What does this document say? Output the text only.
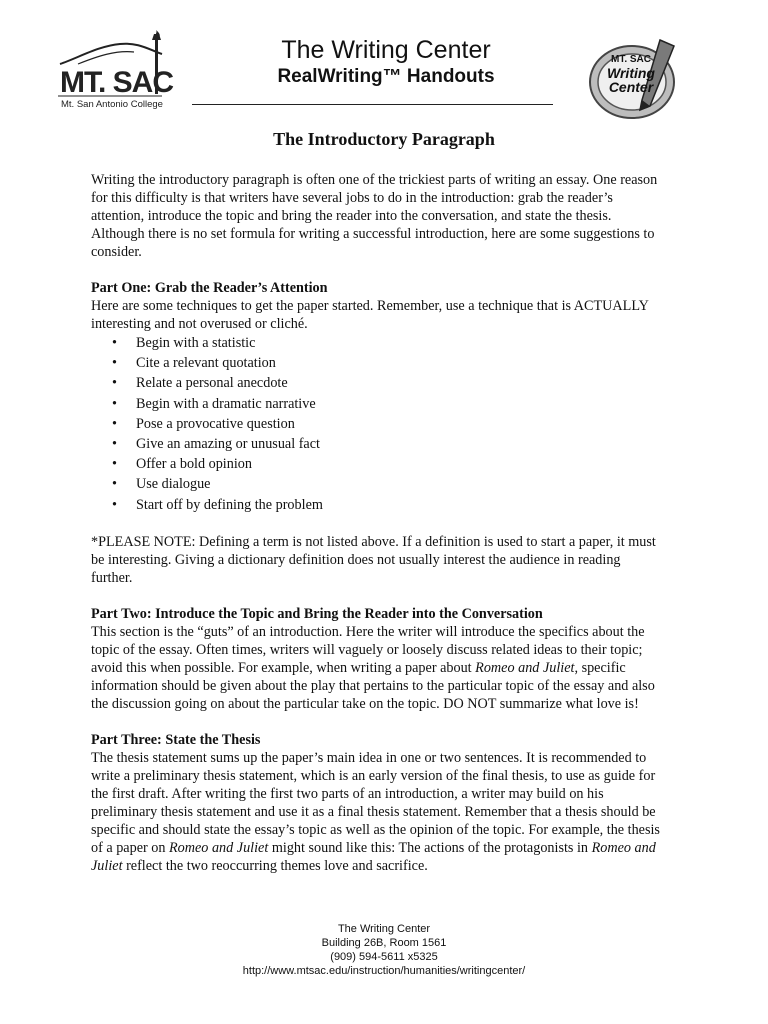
MT. SAC
Mt. San Antonio College
The Writing Center
RealWriting™ Handouts
MT. SAC
Writing
Center
The Introductory Paragraph

Writing the introductory paragraph is often one of the trickiest parts of writing an essay. One reason for this difficulty is that writers have several jobs to do in the introduction: grab the reader’s attention, introduce the topic and bring the reader into the conversation, and state the thesis. Although there is no set formula for writing a successful introduction, here are some suggestions to consider.

Part One: Grab the Reader’s Attention

Here are some techniques to get the paper started. Remember, use a technique that is ACTUALLY interesting and not overused or cliché.

• Begin with a statistic
• Cite a relevant quotation
• Relate a personal anecdote
• Begin with a dramatic narrative
• Pose a provocative question
• Give an amazing or unusual fact
• Offer a bold opinion
• Use dialogue
• Start off by defining the problem

*PLEASE NOTE: Defining a term is not listed above. If a definition is used to start a paper, it must be interesting. Giving a dictionary definition does not usually interest the audience in reading further.

Part Two: Introduce the Topic and Bring the Reader into the Conversation

This section is the “guts” of an introduction. Here the writer will introduce the specifics about the topic of the essay. Often times, writers will vaguely or loosely discuss related ideas to their topic; avoid this when possible. For example, when writing a paper about Romeo and Juliet, specific information should be given about the play that pertains to the particular topic of the essay and also the discussion going on about the particular take on the topic. DO NOT summarize what love is!

Part Three: State the Thesis

The thesis statement sums up the paper’s main idea in one or two sentences. It is recommended to write a preliminary thesis statement, which is an early version of the final thesis, to use as guide for the first draft. After writing the first two parts of an introduction, a writer may build on his preliminary thesis statement and use it as a final thesis statement. Remember that a thesis should be specific and should state the essay’s topic as well as the opinion of the topic. For example, the thesis of a paper on Romeo and Juliet might sound like this: The actions of the protagonists in Romeo and Juliet reflect the two reoccurring themes love and sacrifice.

The Writing Center
Building 26B, Room 1561
(909) 594-5611 x5325
http://www.mtsac.edu/instruction/humanities/writingcenter/
